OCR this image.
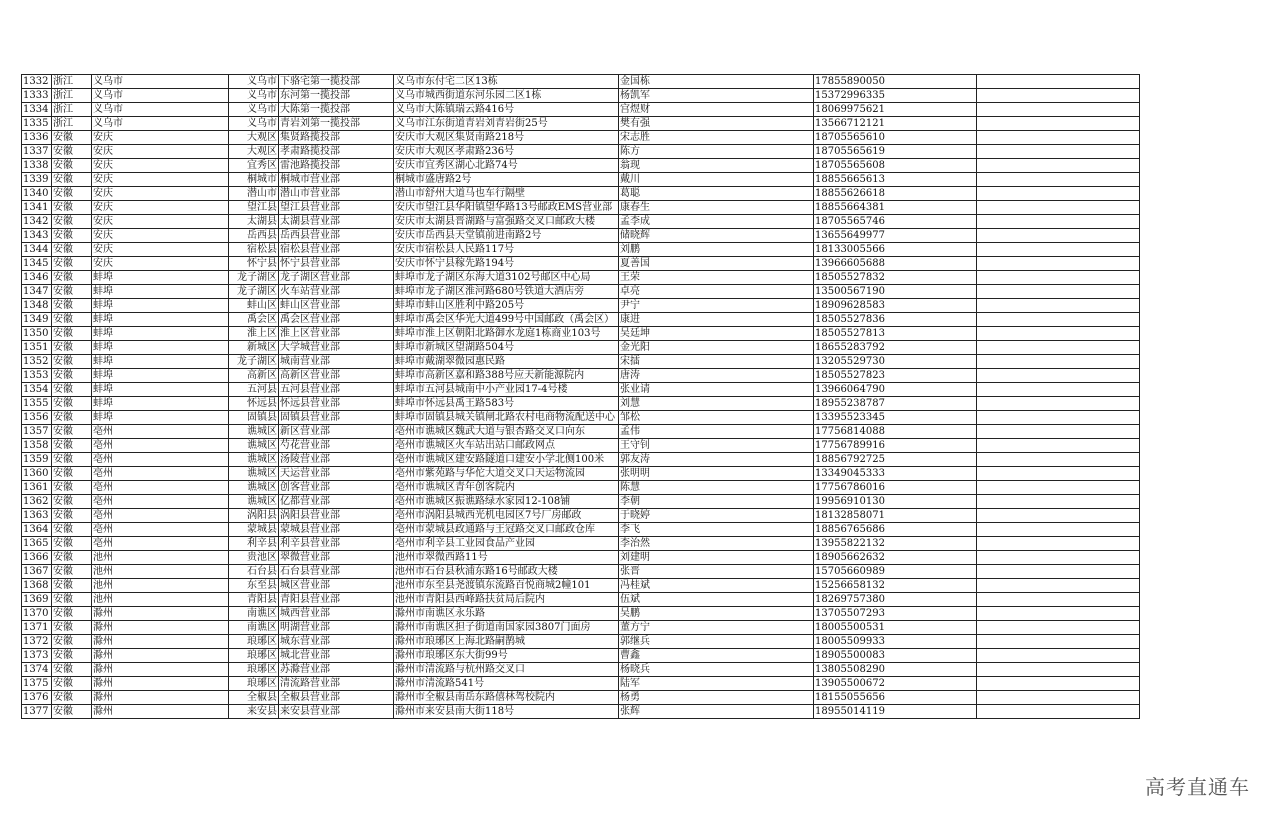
1332	浙江	义乌市	义乌市	下骆宅第一揽投部	义乌市东付宅二区13栋	金国栋	17855890050	
1333	浙江	义乌市	义乌市	东河第一揽投部	义乌市城西街道东河乐园二区1栋	杨凯军	15372996335	
1334	浙江	义乌市	义乌市	大陈第一揽投部	义乌市大陈镇瑞云路416号	宫煜财	18069975621	
1335	浙江	义乌市	义乌市	青岩刘第一揽投部	义乌市江东街道青岩刘青岩街25号	樊有强	13566712121	
1336	安徽	安庆	大观区	集贤路揽投部	安庆市大观区集贤南路218号	宋志胜	18705565610	
1337	安徽	安庆	大观区	孝肃路揽投部	安庆市大观区孝肃路236号	陈方	18705565619	
1338	安徽	安庆	宜秀区	雷池路揽投部	安庆市宜秀区湖心北路74号	翁现	18705565608	
1339	安徽	安庆	桐城市	桐城市营业部	桐城市盛唐路2号	戴川	18855665613	
1340	安徽	安庆	潜山市	潜山市营业部	潜山市舒州大道马也车行隔壁	葛聪	18855626618	
1341	安徽	安庆	望江县	望江县营业部	安庆市望江县华阳镇望华路13号邮政EMS营业部	康春生	18855664381	
1342	安徽	安庆	太湖县	太湖县营业部	安庆市太湖县晋湖路与富强路交叉口邮政大楼	孟李成	18705565746	
1343	安徽	安庆	岳西县	岳西县营业部	安庆市岳西县天堂镇前进南路2号	储晓辉	13655649977	
1344	安徽	安庆	宿松县	宿松县营业部	安庆市宿松县人民路117号	刘鹏	18133005566	
1345	安徽	安庆	怀宁县	怀宁县营业部	安庆市怀宁县稼先路194号	夏善国	13966605688	
1346	安徽	蚌埠	龙子湖区	龙子湖区营业部	蚌埠市龙子湖区东海大道3102号邮区中心局	王荣	18505527832	
1347	安徽	蚌埠	龙子湖区	火车站营业部	蚌埠市龙子湖区淮河路680号铁道大酒店旁	卓亮	13500567190	
1348	安徽	蚌埠	蚌山区	蚌山区营业部	蚌埠市蚌山区胜利中路205号	尹宁	18909628583	
1349	安徽	蚌埠	禹会区	禹会区营业部	蚌埠市禹会区华光大道499号中国邮政（禹会区）	康进	18505527836	
1350	安徽	蚌埠	淮上区	淮上区营业部	蚌埠市淮上区朝阳北路御水龙庭1栋商业103号	吴廷坤	18505527813	
1351	安徽	蚌埠	新城区	大学城营业部	蚌埠市新城区望湖路504号	金光阳	18655283792	
1352	安徽	蚌埠	龙子湖区	城南营业部	蚌埠市戴湖翠微园惠民路	宋擂	13205529730	
1353	安徽	蚌埠	高新区	高新区营业部	蚌埠市高新区嘉和路388号应天新能源院内	唐涛	18505527823	
1354	安徽	蚌埠	五河县	五河县营业部	蚌埠市五河县城南中小产业园17-4号楼	张业请	13966064790	
1355	安徽	蚌埠	怀远县	怀远县营业部	蚌埠市怀远县禹王路583号	刘慧	18955238787	
1356	安徽	蚌埠	固镇县	固镇县营业部	蚌埠市固镇县城关镇闸北路农村电商物流配送中心	邹松	13395523345	
1357	安徽	亳州	谯城区	新区营业部	亳州市谯城区魏武大道与银杏路交叉口向东	孟伟	17756814088	
1358	安徽	亳州	谯城区	芍花营业部	亳州市谯城区火车站出站口邮政网点	王守钊	17756789916	
1359	安徽	亳州	谯城区	汤陵营业部	亳州市谯城区建安路隧道口建安小学北侧100米	郭友涛	18856792725	
1360	安徽	亳州	谯城区	天运营业部	亳州市紫苑路与华佗大道交叉口天运物流园	张明明	13349045333	
1361	安徽	亳州	谯城区	创客营业部	亳州市谯城区青年创客院内	陈慧	17756786016	
1362	安徽	亳州	谯城区	亿都营业部	亳州市谯城区振谯路绿水家园12-108铺	李朝	19956910130	
1363	安徽	亳州	涡阳县	涡阳县营业部	亳州市涡阳县城西光机电园区7号厂房邮政	于晓婷	18132858071	
1364	安徽	亳州	蒙城县	蒙城县营业部	亳州市蒙城县政通路与王冠路交叉口邮政仓库	李飞	18856765686	
1365	安徽	亳州	利辛县	利辛县营业部	亳州市利辛县工业园食品产业园	李治然	13955822132	
1366	安徽	池州	贵池区	翠微营业部	池州市翠微西路11号	刘建明	18905662632	
1367	安徽	池州	石台县	石台县营业部	池州市石台县秋浦东路16号邮政大楼	张晋	15705660989	
1368	安徽	池州	东至县	城区营业部	池州市东至县尧渡镇东流路百悦商城2幢101	冯桂斌	15256658132	
1369	安徽	池州	青阳县	青阳县营业部	池州市青阳县西峰路扶贫局后院内	伍斌	18269757380	
1370	安徽	滁州	南谯区	城西营业部	滁州市南谯区永乐路	吴鹏	13705507293	
1371	安徽	滁州	南谯区	明湖营业部	滁州市南谯区担子街道南国家园3807门面房	董方宁	18005500531	
1372	安徽	滁州	琅琊区	城东营业部	滁州市琅琊区上海北路嗣鹊城	郭继兵	18005509933	
1373	安徽	滁州	琅琊区	城北营业部	滁州市琅琊区东大街99号	曹鑫	18905500083	
1374	安徽	滁州	琅琊区	苏滁营业部	滁州市清流路与杭州路交叉口	杨晓兵	13805508290	
1375	安徽	滁州	琅琊区	清流路营业部	滁州市清流路541号	陆军	13905500672	
1376	安徽	滁州	全椒县	全椒县营业部	滁州市全椒县南岳东路僖林驾校院内	杨勇	18155055656	
1377	安徽	滁州	来安县	来安县营业部	滁州市来安县南大街118号	张辉	18955014119	
高考直通车
